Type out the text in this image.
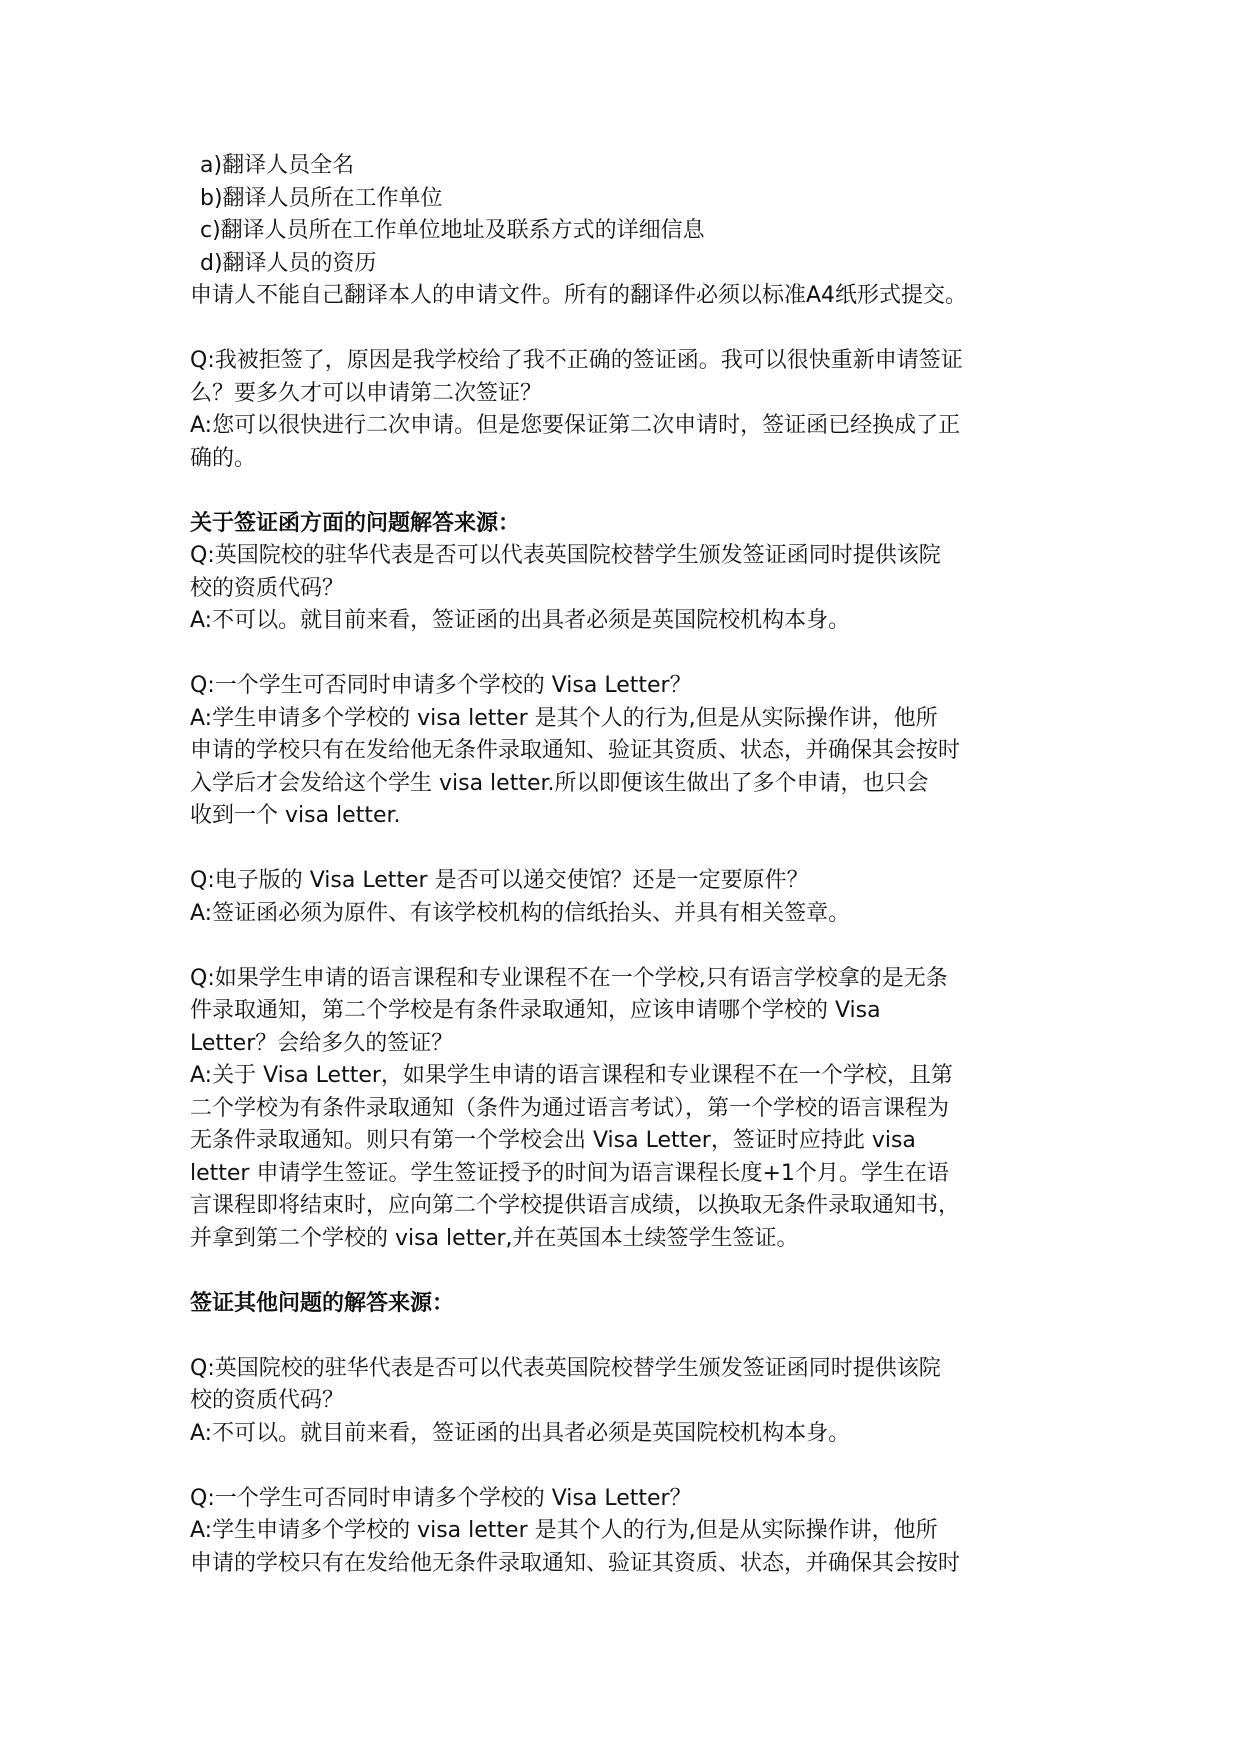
a)翻译人员全名
b)翻译人员所在工作单位
c)翻译人员所在工作单位地址及联系方式的详细信息
d)翻译人员的资历
申请人不能自己翻译本人的申请文件。所有的翻译件必须以标准A4纸形式提交。
Q:我被拒签了，原因是我学校给了我不正确的签证函。我可以很快重新申请签证
么？要多久才可以申请第二次签证？
A:您可以很快进行二次申请。但是您要保证第二次申请时，签证函已经换成了正
确的。
关于签证函方面的问题解答来源：
Q:英国院校的驻华代表是否可以代表英国院校替学生颁发签证函同时提供该院
校的资质代码？
A:不可以。就目前来看，签证函的出具者必须是英国院校机构本身。
Q:一个学生可否同时申请多个学校的 Visa Letter？
A:学生申请多个学校的 visa letter 是其个人的行为,但是从实际操作讲，他所
申请的学校只有在发给他无条件录取通知、验证其资质、状态，并确保其会按时
入学后才会发给这个学生 visa letter.所以即便该生做出了多个申请，也只会
收到一个 visa letter.
Q:电子版的 Visa Letter 是否可以递交使馆？还是一定要原件？
A:签证函必须为原件、有该学校机构的信纸抬头、并具有相关签章。
Q:如果学生申请的语言课程和专业课程不在一个学校,只有语言学校拿的是无条
件录取通知，第二个学校是有条件录取通知，应该申请哪个学校的 Visa
Letter？会给多久的签证？
A:关于 Visa Letter，如果学生申请的语言课程和专业课程不在一个学校，且第
二个学校为有条件录取通知（条件为通过语言考试），第一个学校的语言课程为
无条件录取通知。则只有第一个学校会出 Visa Letter，签证时应持此 visa
letter 申请学生签证。学生签证授予的时间为语言课程长度+1个月。学生在语
言课程即将结束时，应向第二个学校提供语言成绩，以换取无条件录取通知书，
并拿到第二个学校的 visa letter,并在英国本土续签学生签证。
签证其他问题的解答来源：
Q:英国院校的驻华代表是否可以代表英国院校替学生颁发签证函同时提供该院
校的资质代码？
A:不可以。就目前来看，签证函的出具者必须是英国院校机构本身。
Q:一个学生可否同时申请多个学校的 Visa Letter？
A:学生申请多个学校的 visa letter 是其个人的行为,但是从实际操作讲，他所
申请的学校只有在发给他无条件录取通知、验证其资质、状态，并确保其会按时
